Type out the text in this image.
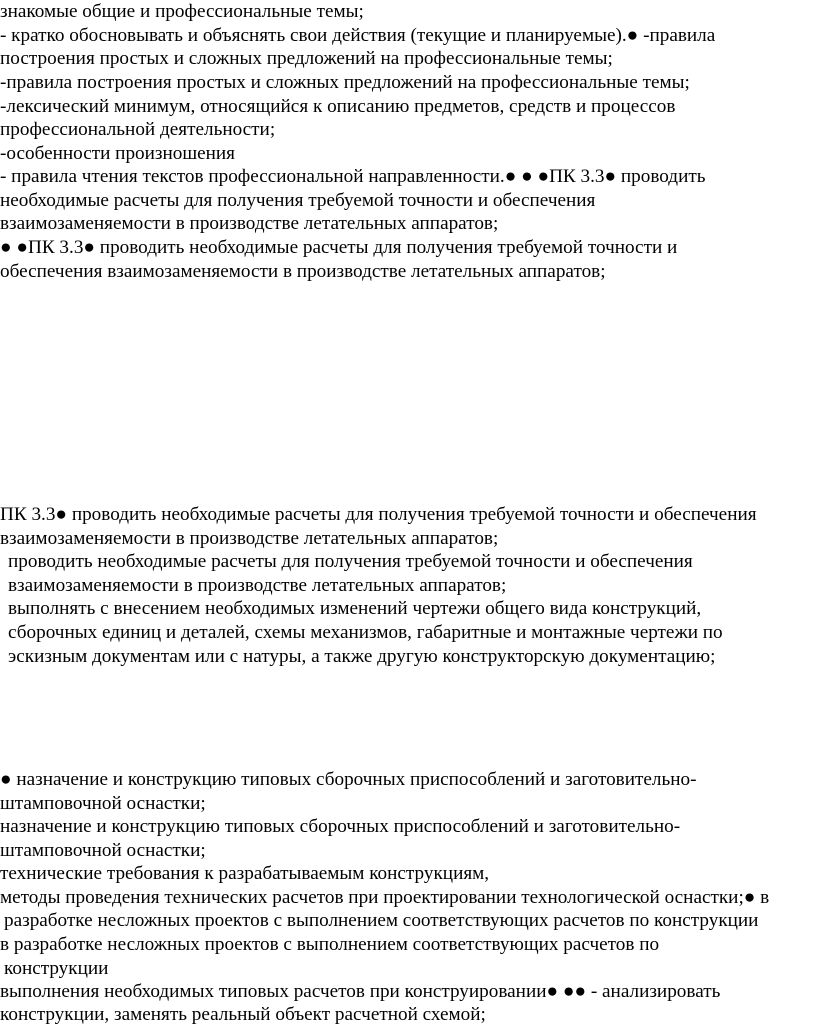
знакомые общие и профессиональные темы;
- кратко обосновывать и объяснять свои действия (текущие и планируемые).● -правила
построения простых и сложных предложений на профессиональные темы;
-правила построения простых и сложных предложений на профессиональные темы;
-лексический минимум, относящийся к описанию предметов, средств и процессов
профессиональной деятельности;
-особенности произношения
- правила чтения текстов профессиональной направленности.● ● ●ПК 3.3● проводить
необходимые расчеты для получения требуемой точности и обеспечения
взаимозаменяемости в производстве летательных аппаратов;
● ●ПК 3.3● проводить необходимые расчеты для получения требуемой точности и
обеспечения взаимозаменяемости в производстве летательных аппаратов;
ПК 3.3● проводить необходимые расчеты для получения требуемой точности и обеспечения
взаимозаменяемости в производстве летательных аппаратов;
проводить необходимые расчеты для получения требуемой точности и обеспечения
взаимозаменяемости в производстве летательных аппаратов;
выполнять с внесением необходимых изменений чертежи общего вида конструкций,
сборочных единиц и деталей, схемы механизмов, габаритные и монтажные чертежи по
эскизным документам или с натуры, а также другую конструкторскую документацию;
● назначение и конструкцию типовых сборочных приспособлений и заготовительно-
штамповочной оснастки;
назначение и конструкцию типовых сборочных приспособлений и заготовительно-
штамповочной оснастки;
технические требования к разрабатываемым конструкциям,
методы проведения технических расчетов при проектировании технологической оснастки;● в
разработке несложных проектов с выполнением соответствующих расчетов по конструкции
в разработке несложных проектов с выполнением соответствующих расчетов по
конструкции
выполнения необходимых типовых расчетов при конструировании● ●● - анализировать
конструкции, заменять реальный объект расчетной схемой;
